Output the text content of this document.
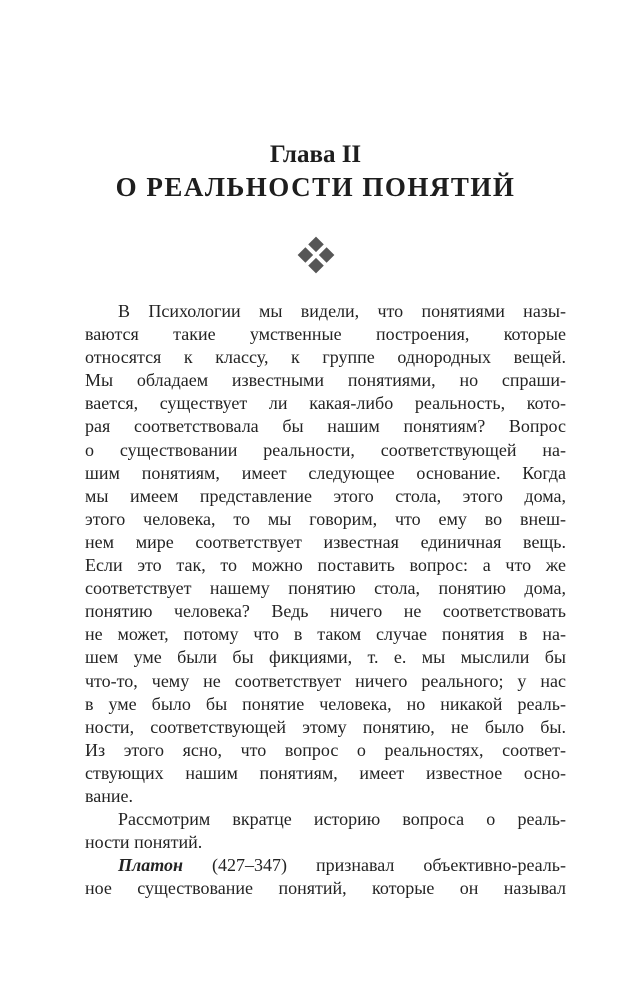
Глава II
О РЕАЛЬНОСТИ ПОНЯТИЙ
В Психологии мы видели, что понятиями назы-
ваются такие умственные построения, которые
относятся к классу, к группе однородных вещей.
Мы обладаем известными понятиями, но спраши-
вается, существует ли какая-либо реальность, кото-
рая соответствовала бы нашим понятиям? Вопрос
о существовании реальности, соответствующей на-
шим понятиям, имеет следующее основание. Когда
мы имеем представление этого стола, этого дома,
этого человека, то мы говорим, что ему во внеш-
нем мире соответствует известная единичная вещь.
Если это так, то можно поставить вопрос: а что же
соответствует нашему понятию стола, понятию дома,
понятию человека? Ведь ничего не соответствовать
не может, потому что в таком случае понятия в на-
шем уме были бы фикциями, т. е. мы мыслили бы
что-то, чему не соответствует ничего реального; у нас
в уме было бы понятие человека, но никакой реаль-
ности, соответствующей этому понятию, не было бы.
Из этого ясно, что вопрос о реальностях, соответ-
ствующих нашим понятиям, имеет известное осно-
вание.
Рассмотрим вкратце историю вопроса о реаль-
ности понятий.
Платон (427–347) признавал объективно-реаль-
ное существование понятий, которые он называл
